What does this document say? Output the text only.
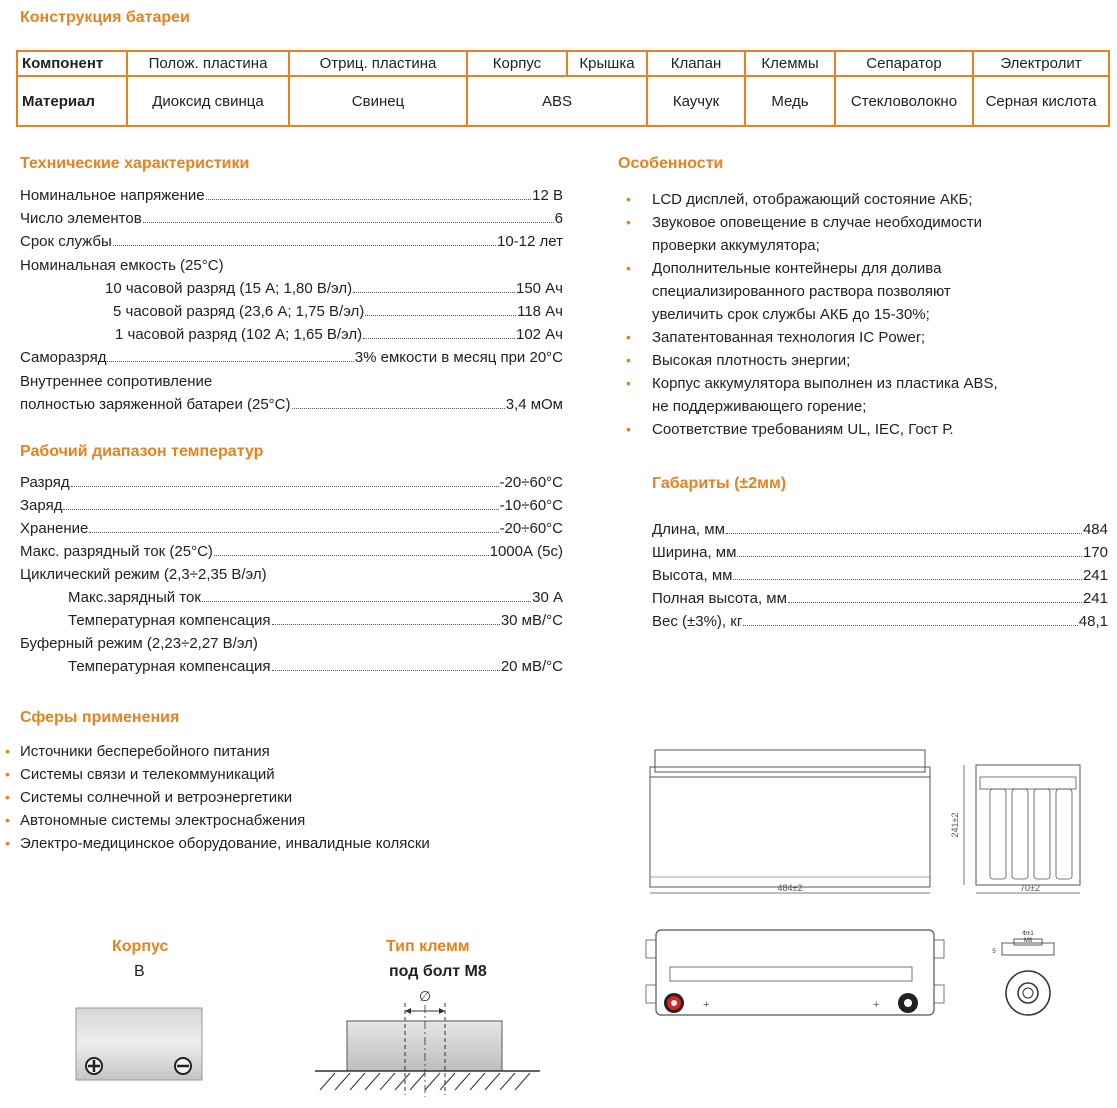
Конструкция батареи
Компонент	Полож. пластина	Отриц. пластина	Корпус	Крышка	Клапан	Клеммы	Сепаратор	Электролит
Материал	Диоксид свинца	Свинец	ABS		Каучук	Медь	Стекловолокно	Серная кислота
Технические характеристики
Номинальное напряжение	12 В
Число элементов	6
Срок службы	10-12 лет
Номинальная емкость (25°С)
10 часовой разряд (15 А; 1,80 В/эл)	150 Ач
5 часовой разряд (23,6 А; 1,75 В/эл)	118 Ач
1 часовой разряд (102 А; 1,65 В/эл)	102 Ач
Саморазряд	3% емкости в месяц при 20°С
Внутреннее сопротивление
полностью заряженной батареи (25°С)	3,4 мОм
Рабочий диапазон температур
Разряд	-20÷60°С
Заряд	-10÷60°С
Хранение	-20÷60°С
Макс. разрядный ток (25°С)	1000А (5с)
Циклический режим (2,3÷2,35 В/эл)
Макс.зарядный ток	30 А
Температурная компенсация	30 мВ/°С
Буферный режим (2,23÷2,27 В/эл)
Температурная компенсация	20 мВ/°С
Сферы применения
• Источники бесперебойного питания
• Системы связи и телекоммуникаций
• Системы солнечной и ветроэнергетики
• Автономные системы электроснабжения
• Электро-медицинское оборудование, инвалидные коляски
Особенности
• LCD дисплей, отображающий состояние АКБ;
• Звуковое оповещение в случае необходимости
проверки аккумулятора;
• Дополнительные контейнеры для долива
специализированного раствора позволяют
увеличить срок службы АКБ до 15-30%;
• Запатентованная технология IC Power;
• Высокая плотность энергии;
• Корпус аккумулятора выполнен из пластика ABS,
не поддерживающего горение;
• Соответствие требованиям UL, IEC, Гост Р.
Габариты (±2мм)
Длина, мм	484
Ширина, мм	170
Высота, мм	241
Полная высота, мм	241
Вес (±3%), кг	48,1
Корпус
B
Тип клемм
под болт М8
∅
484±2	70±2
241±2
+	+
Φ±1
M8
5
